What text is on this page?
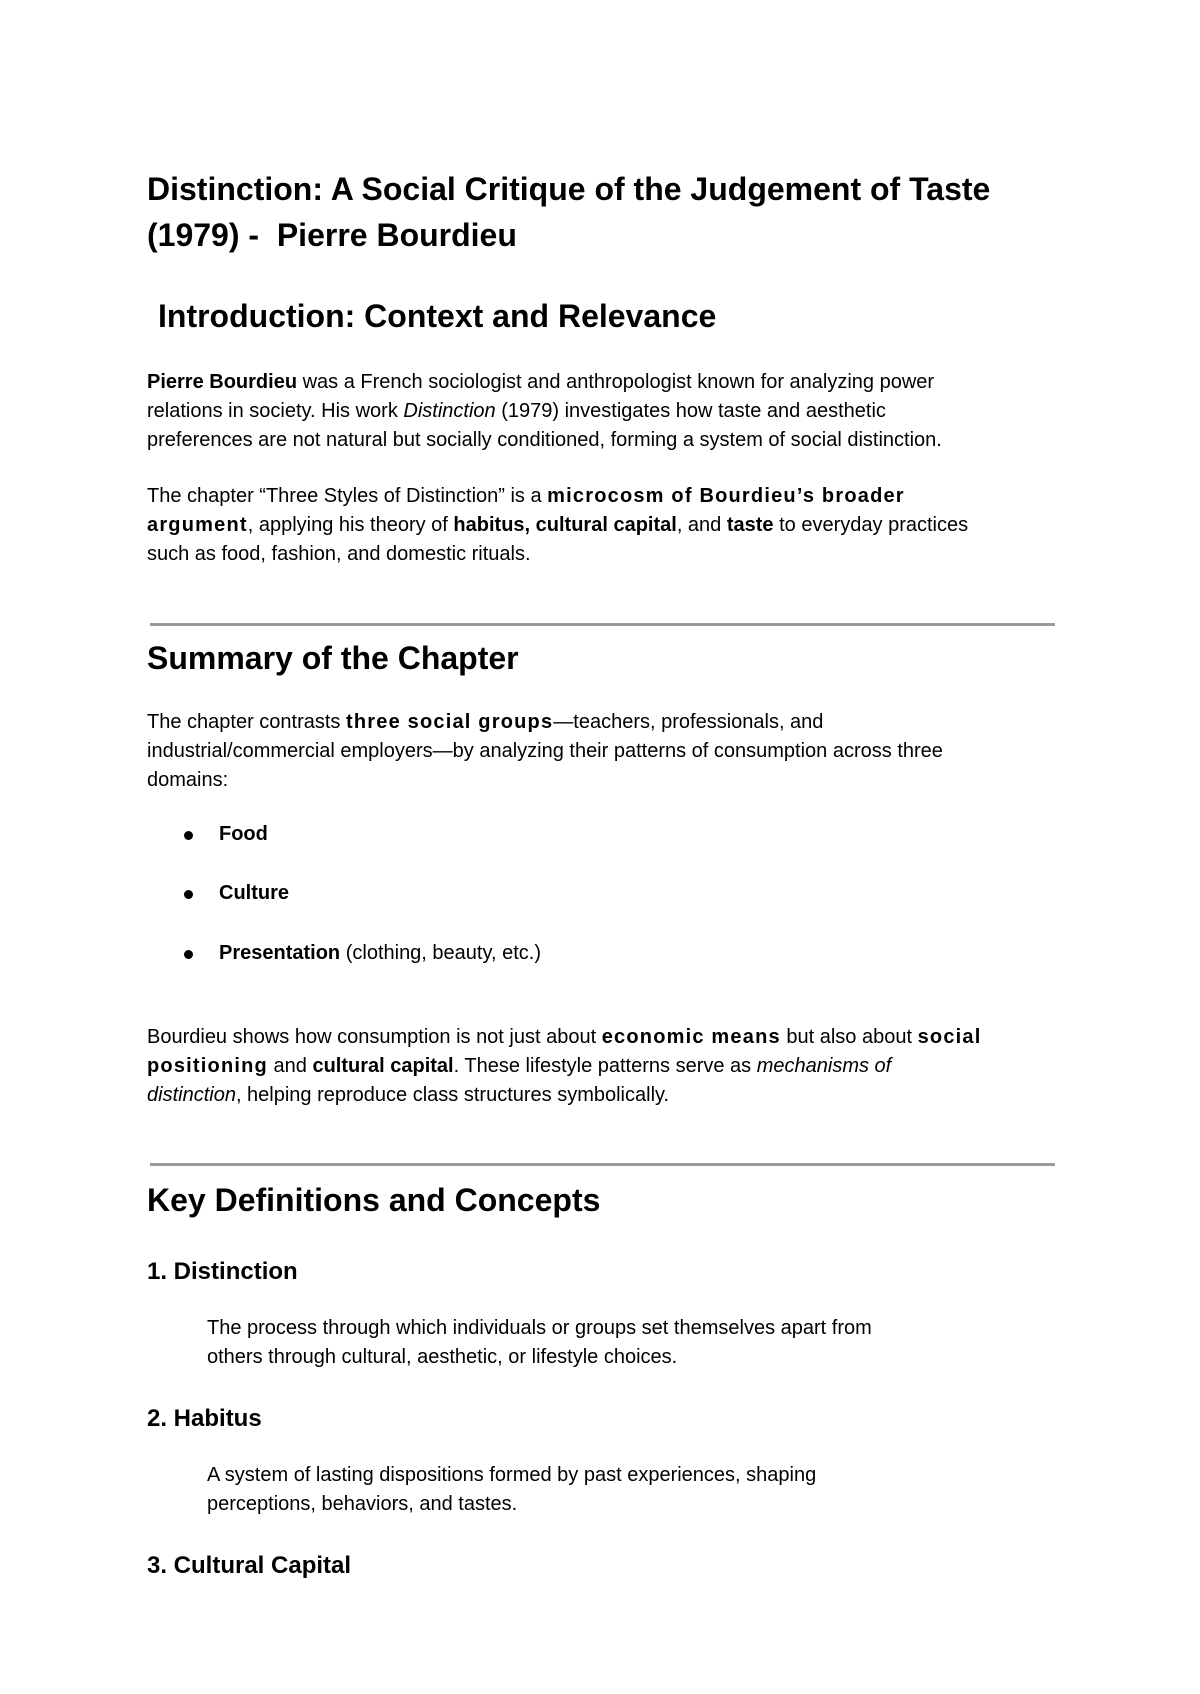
Distinction: A Social Critique of the Judgement of Taste
(1979) -  Pierre Bourdieu
Introduction: Context and Relevance
Pierre Bourdieu was a French sociologist and anthropologist known for analyzing power
relations in society. His work Distinction (1979) investigates how taste and aesthetic
preferences are not natural but socially conditioned, forming a system of social distinction.
The chapter “Three Styles of Distinction” is a microcosm of Bourdieu’s broader
argument, applying his theory of habitus, cultural capital, and taste to everyday practices
such as food, fashion, and domestic rituals.
Summary of the Chapter
The chapter contrasts three social groups—teachers, professionals, and
industrial/commercial employers—by analyzing their patterns of consumption across three
domains:
Food
Culture
Presentation (clothing, beauty, etc.)
Bourdieu shows how consumption is not just about economic means but also about social
positioning and cultural capital. These lifestyle patterns serve as mechanisms of
distinction, helping reproduce class structures symbolically.
Key Definitions and Concepts
1. Distinction
The process through which individuals or groups set themselves apart from
others through cultural, aesthetic, or lifestyle choices.
2. Habitus
A system of lasting dispositions formed by past experiences, shaping
perceptions, behaviors, and tastes.
3. Cultural Capital
